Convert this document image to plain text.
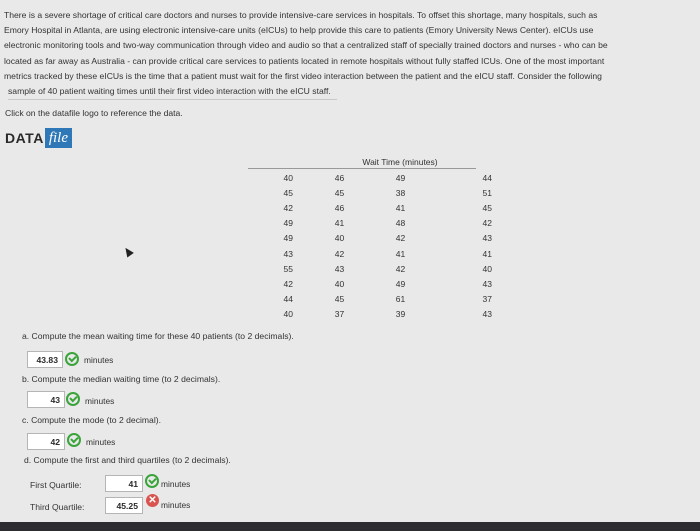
There is a severe shortage of critical care doctors and nurses to provide intensive-care services in hospitals. To offset this shortage, many hospitals, such as

Emory Hospital in Atlanta, are using electronic intensive-care units (eICUs) to help provide this care to patients (Emory University News Center). eICUs use

electronic monitoring tools and two-way communication through video and audio so that a centralized staff of specially trained doctors and nurses - who can be

located as far away as Australia - can provide critical care services to patients located in remote hospitals without fully staffed ICUs. One of the most important

metrics tracked by these eICUs is the time that a patient must wait for the first video interaction between the patient and the eICU staff. Consider the following

sample of 40 patient waiting times until their first video interaction with the eICU staff.

Click on the datafile logo to reference the data.
DATA file
Wait Time (minutes)
40	46	49	44
45	45	38	51
42	46	41	45
49	41	48	42
49	40	42	43
43	42	41	41
55	43	42	40
42	40	49	43
44	45	61	37
40	37	39	43
a. Compute the mean waiting time for these 40 patients (to 2 decimals).
43.83	minutes
b. Compute the median waiting time (to 2 decimals).
43	minutes
c. Compute the mode (to 2 decimal).
42	minutes
d. Compute the first and third quartiles (to 2 decimals).
First Quartile:	41	minutes
Third Quartile:	45.25	✕ minutes
